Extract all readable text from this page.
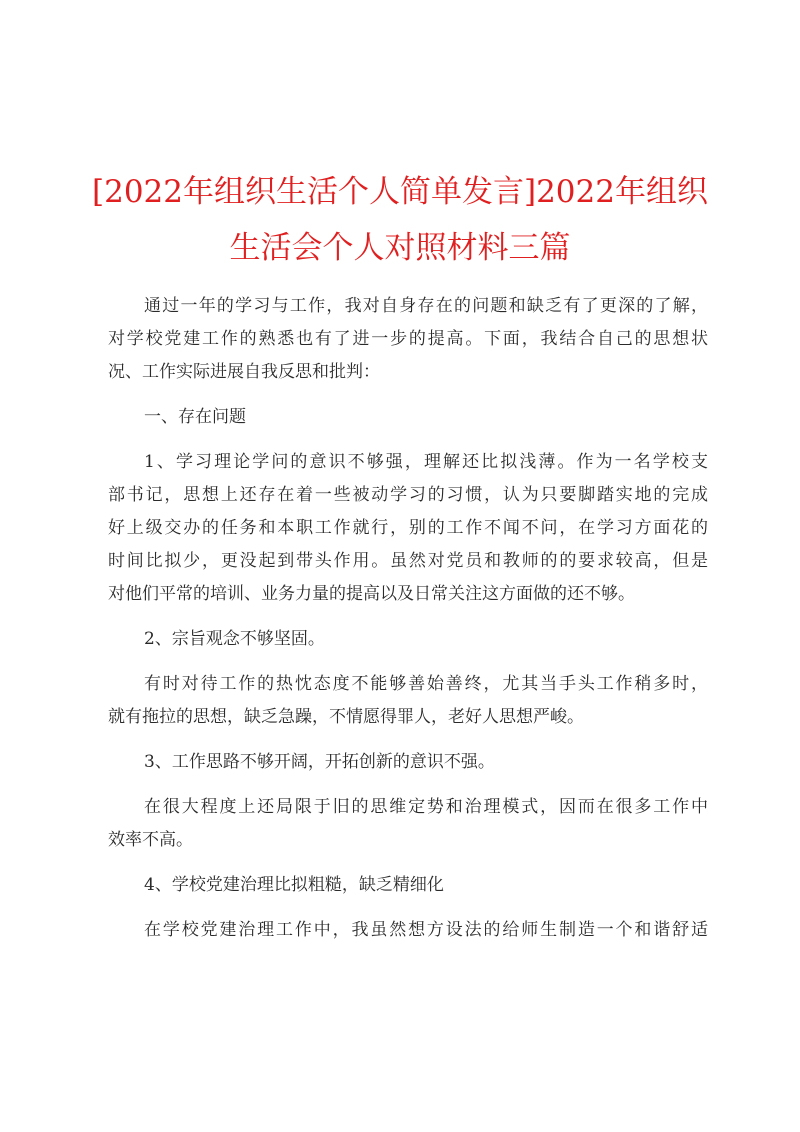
[2022年组织生活个人简单发言]2022年组织
生活会个人对照材料三篇

通过一年的学习与工作，我对自身存在的问题和缺乏有了更深的了解，
对学校党建工作的熟悉也有了进一步的提高。下面，我结合自己的思想状
况、工作实际进展自我反思和批判：

一、存在问题

1、学习理论学问的意识不够强，理解还比拟浅薄。作为一名学校支
部书记，思想上还存在着一些被动学习的习惯，认为只要脚踏实地的完成
好上级交办的任务和本职工作就行，别的工作不闻不问，在学习方面花的
时间比拟少，更没起到带头作用。虽然对党员和教师的的要求较高，但是
对他们平常的培训、业务力量的提高以及日常关注这方面做的还不够。

2、宗旨观念不够坚固。

有时对待工作的热忱态度不能够善始善终，尤其当手头工作稍多时，
就有拖拉的思想，缺乏急躁，不情愿得罪人，老好人思想严峻。

3、工作思路不够开阔，开拓创新的意识不强。

在很大程度上还局限于旧的思维定势和治理模式，因而在很多工作中
效率不高。

4、学校党建治理比拟粗糙，缺乏精细化

在学校党建治理工作中，我虽然想方设法的给师生制造一个和谐舒适
